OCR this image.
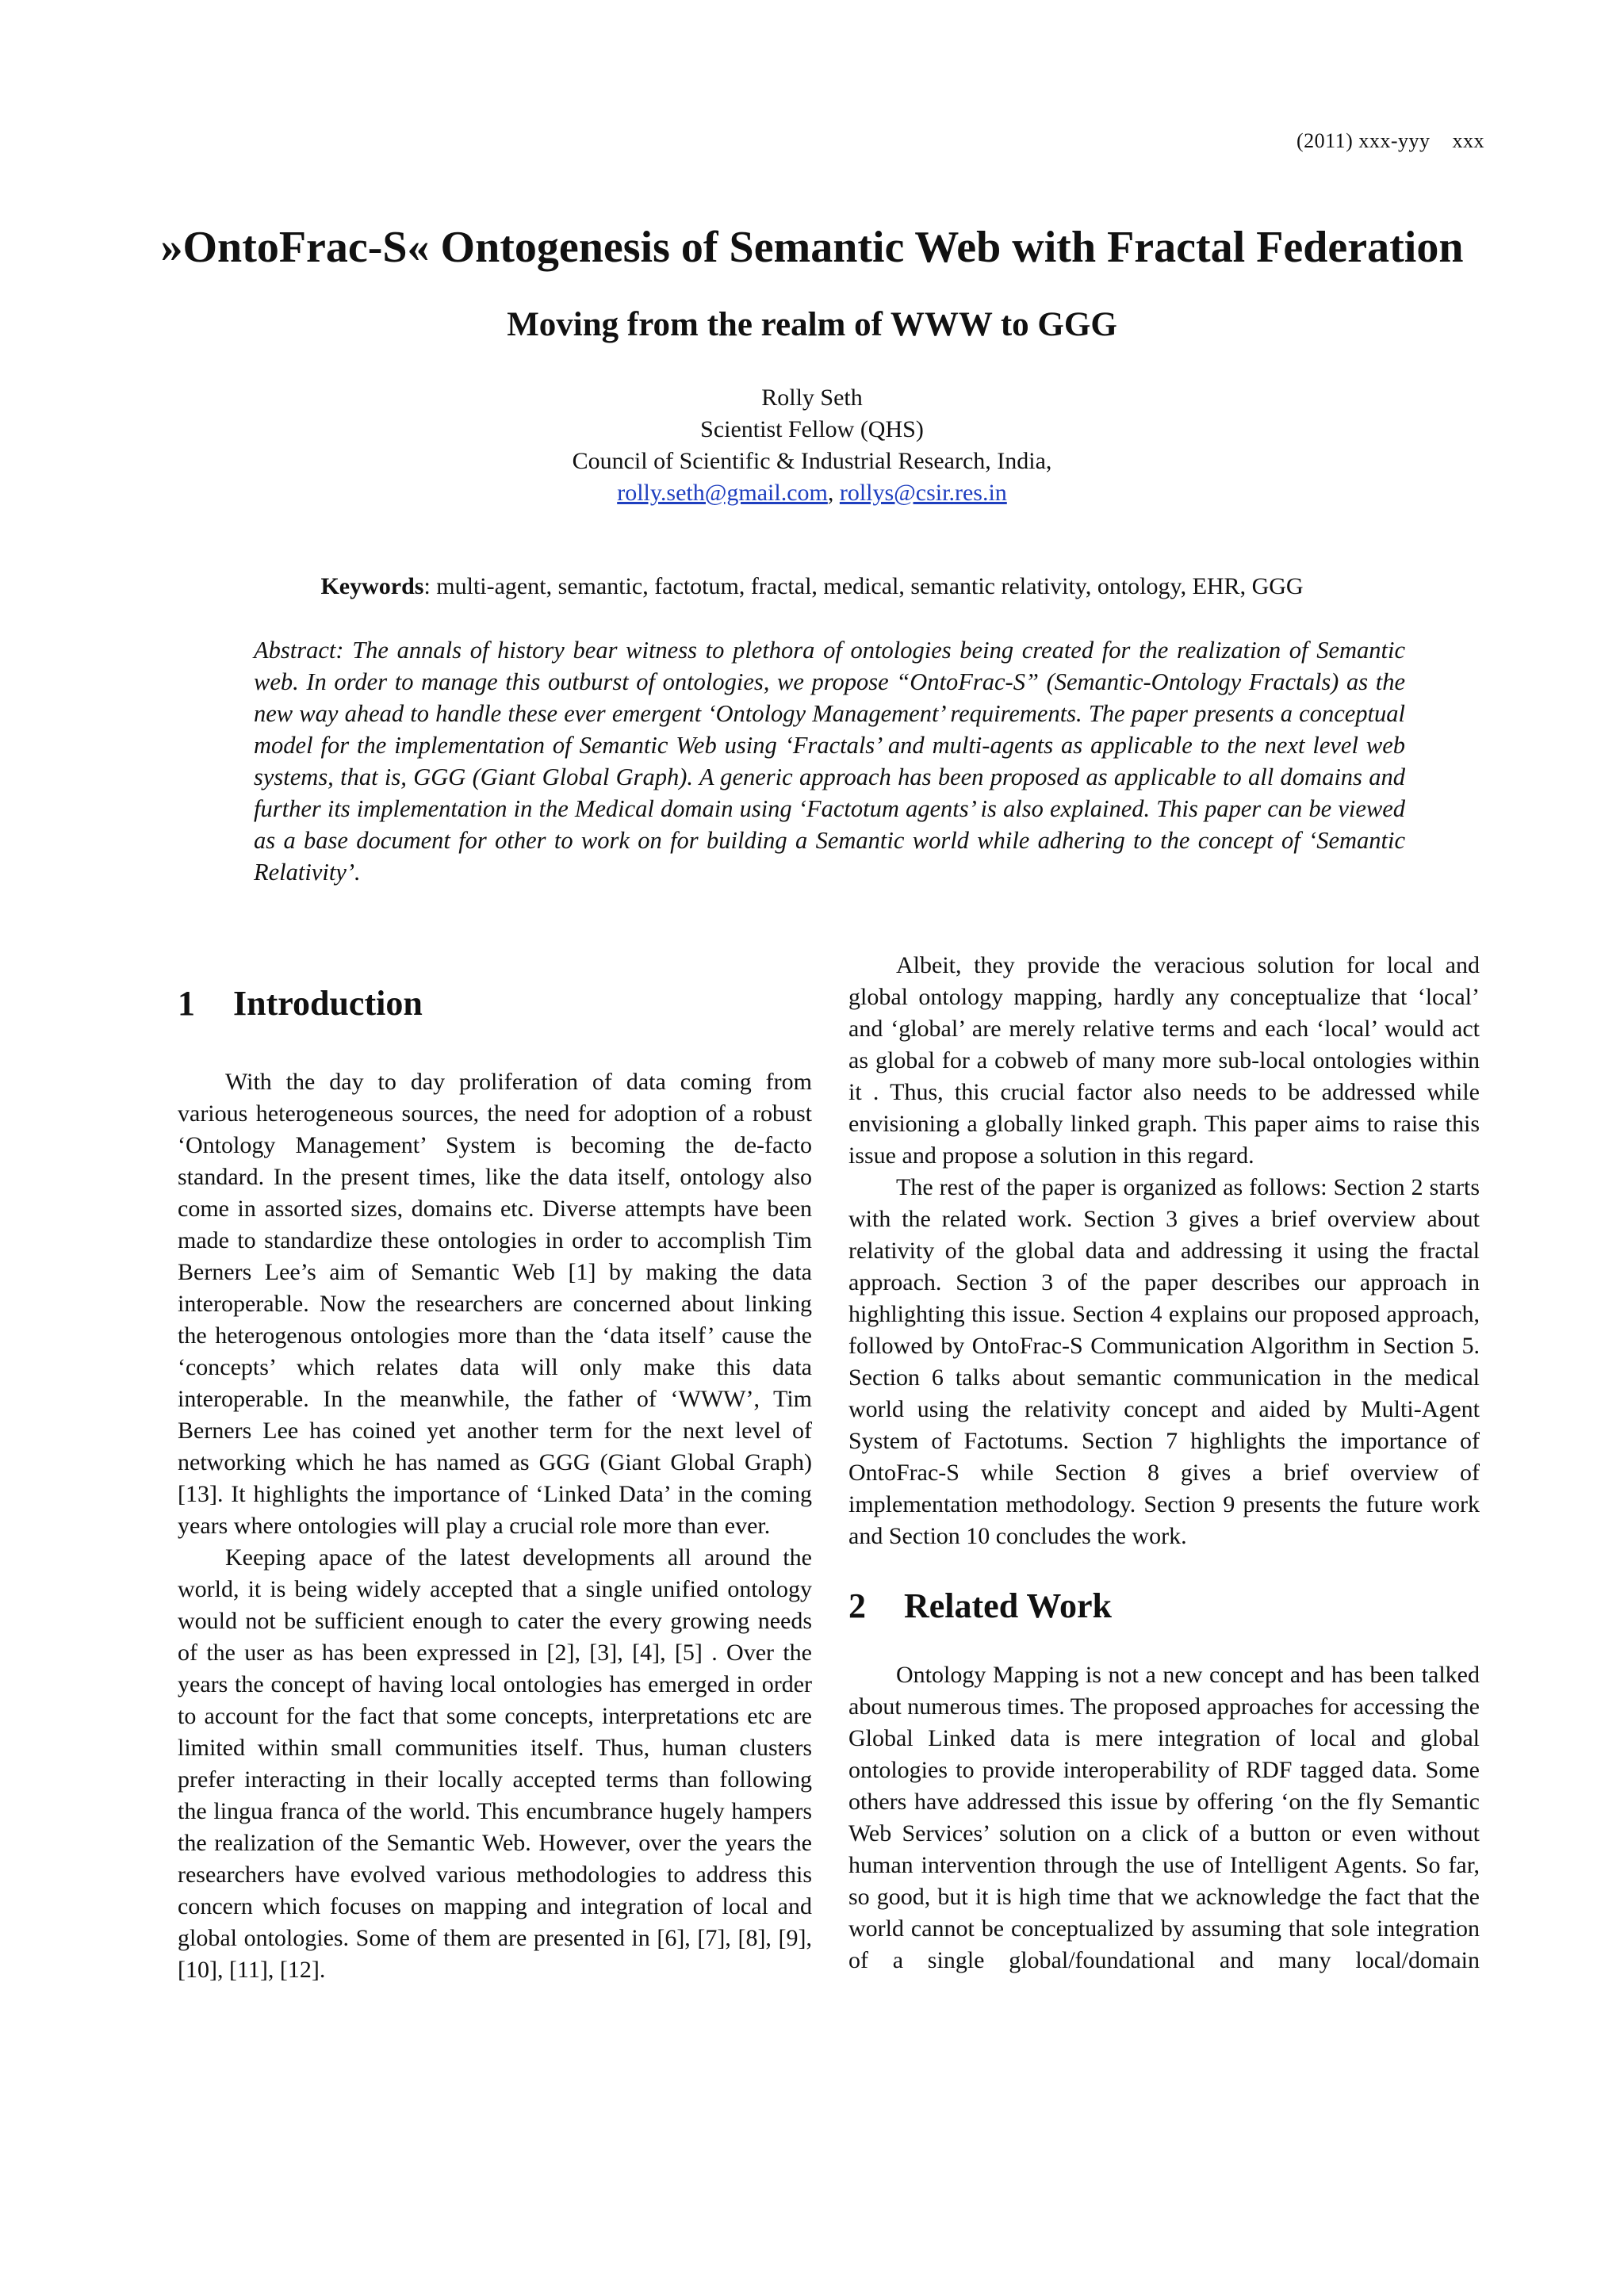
(2011) xxx-yyy xxx
»OntoFrac-S« Ontogenesis of Semantic Web with Fractal Federation
Moving from the realm of WWW to GGG
Rolly Seth
Scientist Fellow (QHS)
Council of Scientific & Industrial Research, India,
rolly.seth@gmail.com, rollys@csir.res.in
Keywords: multi-agent, semantic, factotum, fractal, medical, semantic relativity, ontology, EHR, GGG

Abstract: The annals of history bear witness to plethora of ontologies being created for the realization of Semantic web. In order to manage this outburst of ontologies, we propose “OntoFrac-S” (Semantic-Ontology Fractals) as the new way ahead to handle these ever emergent ‘Ontology Management’ requirements. The paper presents a conceptual model for the implementation of Semantic Web using ‘Fractals’ and multi-agents as applicable to the next level web systems, that is, GGG (Giant Global Graph). A generic approach has been proposed as applicable to all domains and further its implementation in the Medical domain using ‘Factotum agents’ is also explained. This paper can be viewed as a base document for other to work on for building a Semantic world while adhering to the concept of ‘Semantic Relativity’.

1 Introduction

With the day to day proliferation of data coming from various heterogeneous sources, the need for adoption of a robust ‘Ontology Management’ System is becoming the de-facto standard. In the present times, like the data itself, ontology also come in assorted sizes, domains etc. Diverse attempts have been made to standardize these ontologies in order to accomplish Tim Berners Lee’s aim of Semantic Web [1] by making the data interoperable. Now the researchers are concerned about linking the heterogenous ontologies more than the ‘data itself’ cause the ‘concepts’ which relates data will only make this data interoperable. In the meanwhile, the father of ‘WWW’, Tim Berners Lee has coined yet another term for the next level of networking which he has named as GGG (Giant Global Graph) [13]. It highlights the importance of ‘Linked Data’ in the coming years where ontologies will play a crucial role more than ever.

Keeping apace of the latest developments all around the world, it is being widely accepted that a single unified ontology would not be sufficient enough to cater the every growing needs of the user as has been expressed in [2], [3], [4], [5] . Over the years the concept of having local ontologies has emerged in order to account for the fact that some concepts, interpretations etc are limited within small communities itself. Thus, human clusters prefer interacting in their locally accepted terms than following the lingua franca of the world. This encumbrance hugely hampers the realization of the Semantic Web. However, over the years the researchers have evolved various methodologies to address this concern which focuses on mapping and integration of local and global ontologies. Some of them are presented in [6], [7], [8], [9], [10], [11], [12].

Albeit, they provide the veracious solution for local and global ontology mapping, hardly any conceptualize that ‘local’ and ‘global’ are merely relative terms and each ‘local’ would act as global for a cobweb of many more sub-local ontologies within it . Thus, this crucial factor also needs to be addressed while envisioning a globally linked graph. This paper aims to raise this issue and propose a solution in this regard.

The rest of the paper is organized as follows: Section 2 starts with the related work. Section 3 gives a brief overview about relativity of the global data and addressing it using the fractal approach. Section 3 of the paper describes our approach in highlighting this issue. Section 4 explains our proposed approach, followed by OntoFrac-S Communication Algorithm in Section 5. Section 6 talks about semantic communication in the medical world using the relativity concept and aided by Multi-Agent System of Factotums. Section 7 highlights the importance of OntoFrac-S while Section 8 gives a brief overview of implementation methodology. Section 9 presents the future work and Section 10 concludes the work.

2 Related Work

Ontology Mapping is not a new concept and has been talked about numerous times. The proposed approaches for accessing the Global Linked data is mere integration of local and global ontologies to provide interoperability of RDF tagged data. Some others have addressed this issue by offering ‘on the fly Semantic Web Services’ solution on a click of a button or even without human intervention through the use of Intelligent Agents. So far, so good, but it is high time that we acknowledge the fact that the world cannot be conceptualized by assuming that sole integration of a single global/foundational and many local/domain
